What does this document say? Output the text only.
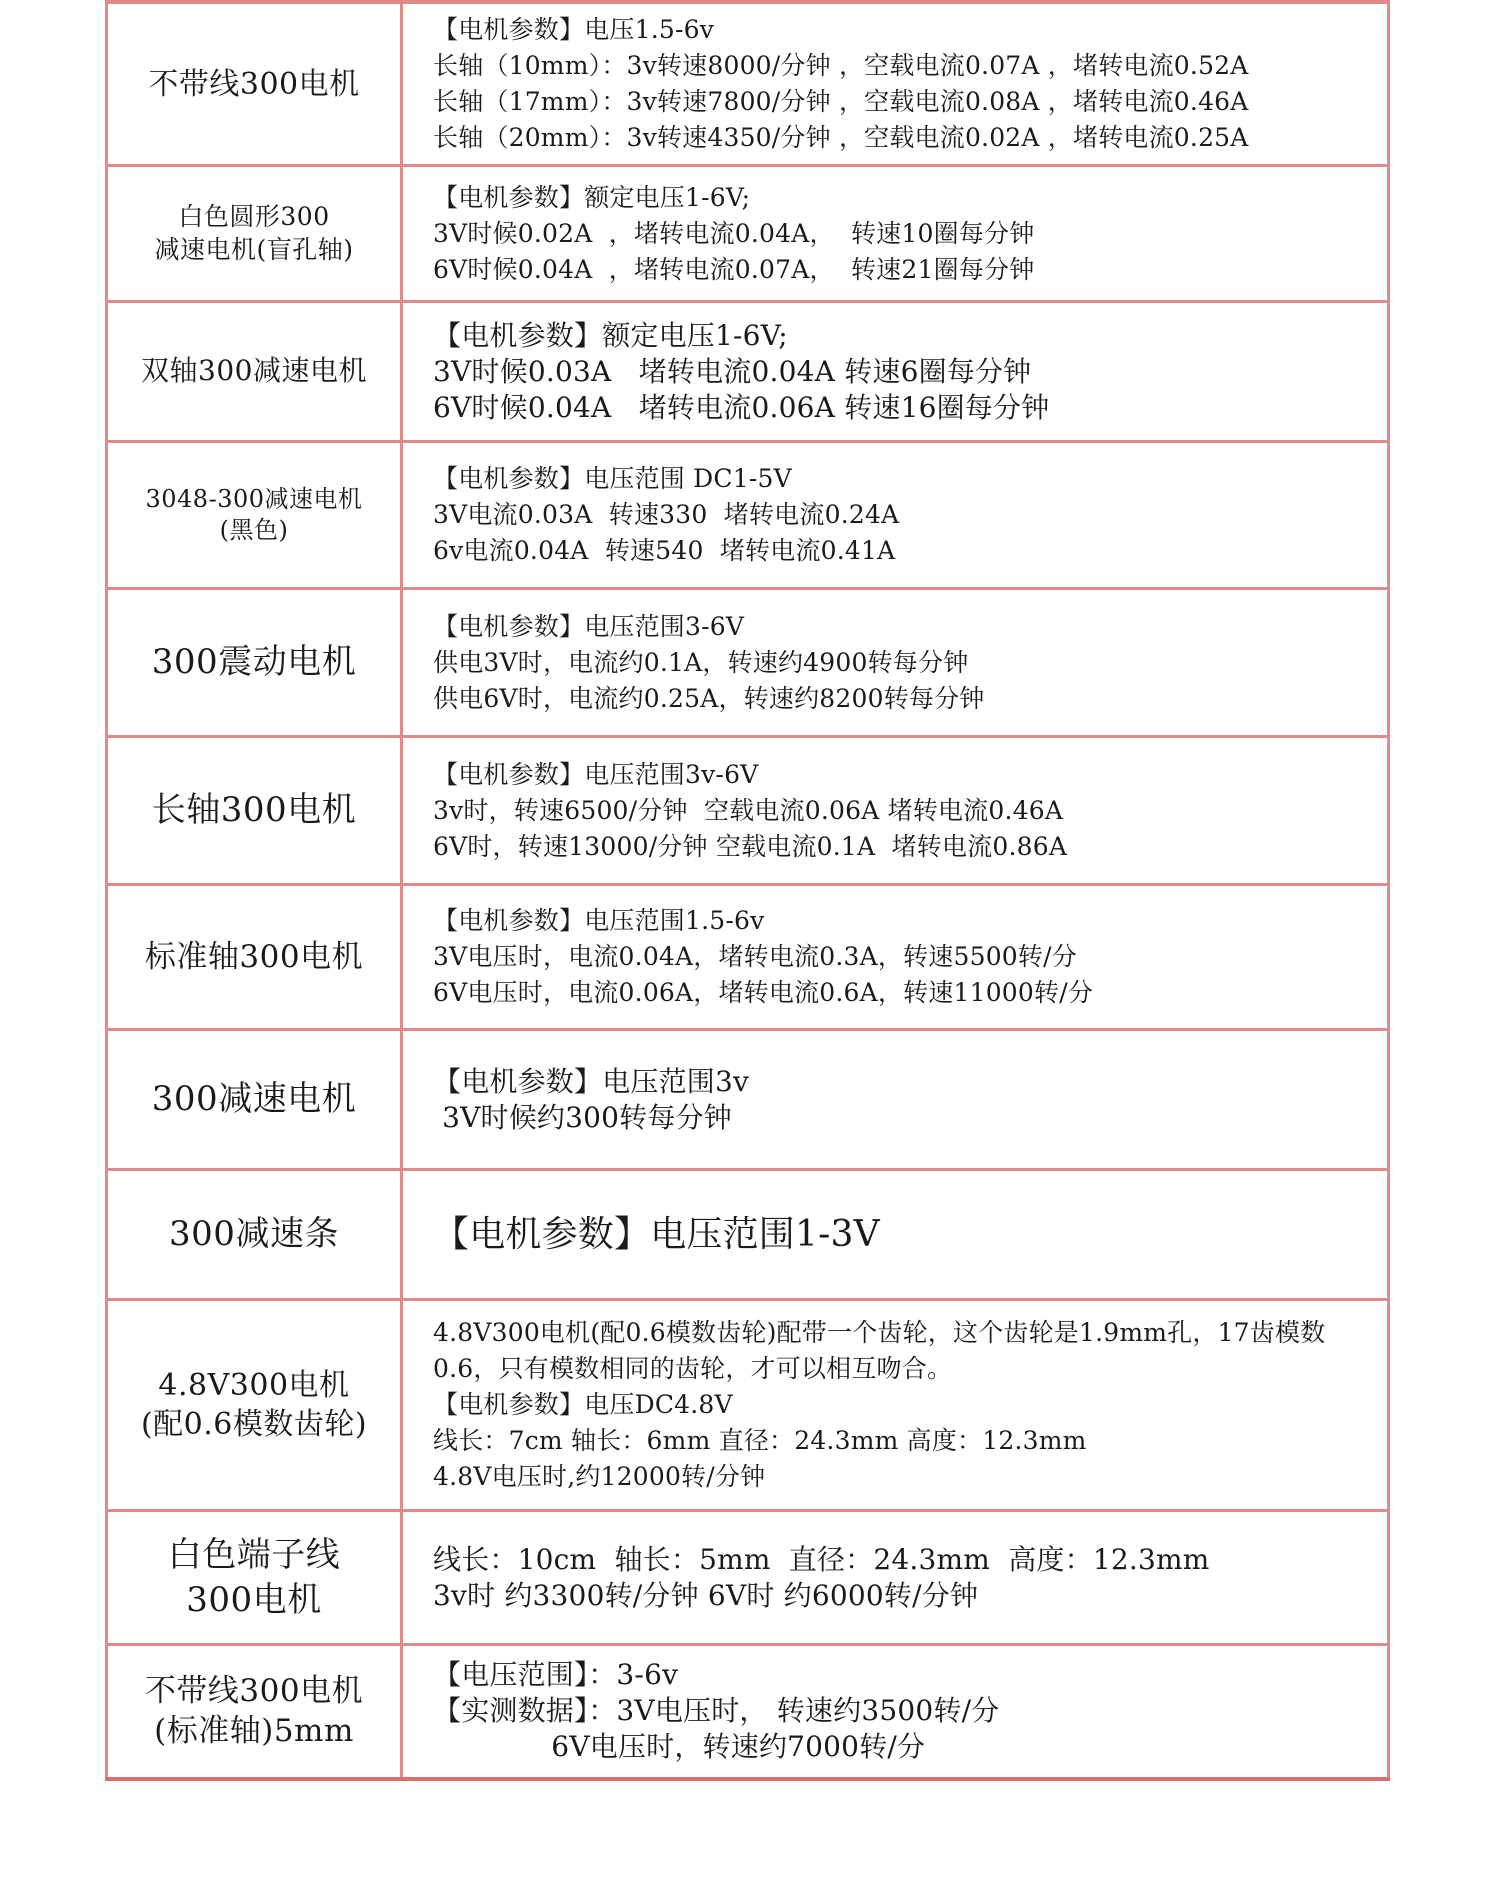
不带线300电机	【电机参数】电压1.5-6v
长轴（10mm）：3v转速8000/分钟 ，空载电流0.07A ，堵转电流0.52A
长轴（17mm）：3v转速7800/分钟 ，空载电流0.08A ，堵转电流0.46A
长轴（20mm）：3v转速4350/分钟 ，空载电流0.02A ，堵转电流0.25A

白色圆形300
减速电机(盲孔轴)	【电机参数】额定电压1-6V;
3V时候0.02A  ，堵转电流0.04A，  转速10圈每分钟
6V时候0.04A  ，堵转电流0.07A，  转速21圈每分钟

双轴300减速电机	【电机参数】额定电压1-6V;
3V时候0.03A   堵转电流0.04A 转速6圈每分钟
6V时候0.04A   堵转电流0.06A 转速16圈每分钟

3048-300减速电机
(黑色)	【电机参数】电压范围 DC1-5V
3V电流0.03A  转速330  堵转电流0.24A
6v电流0.04A  转速540  堵转电流0.41A

300震动电机	【电机参数】电压范围3-6V
供电3V时，电流约0.1A，转速约4900转每分钟
供电6V时，电流约0.25A，转速约8200转每分钟

长轴300电机	【电机参数】电压范围3v-6V
3v时，转速6500/分钟  空载电流0.06A 堵转电流0.46A
6V时，转速13000/分钟 空载电流0.1A  堵转电流0.86A

标准轴300电机	【电机参数】电压范围1.5-6v
3V电压时，电流0.04A，堵转电流0.3A，转速5500转/分
6V电压时，电流0.06A，堵转电流0.6A，转速11000转/分

300减速电机	【电机参数】电压范围3v
3V时候约300转每分钟

300减速条	【电机参数】电压范围1-3V

4.8V300电机
(配0.6模数齿轮)	4.8V300电机(配0.6模数齿轮)配带一个齿轮，这个齿轮是1.9mm孔，17齿模数0.6，只有模数相同的齿轮，才可以相互吻合。
【电机参数】电压DC4.8V
线长：7cm 轴长：6mm 直径：24.3mm 高度：12.3mm
4.8V电压时,约12000转/分钟

白色端子线
300电机	线长：10cm  轴长：5mm  直径：24.3mm  高度：12.3mm
3v时 约3300转/分钟 6V时 约6000转/分钟

不带线300电机
(标准轴)5mm	【电压范围】：3-6v
【实测数据】：3V电压时， 转速约3500转/分
6V电压时，转速约7000转/分
